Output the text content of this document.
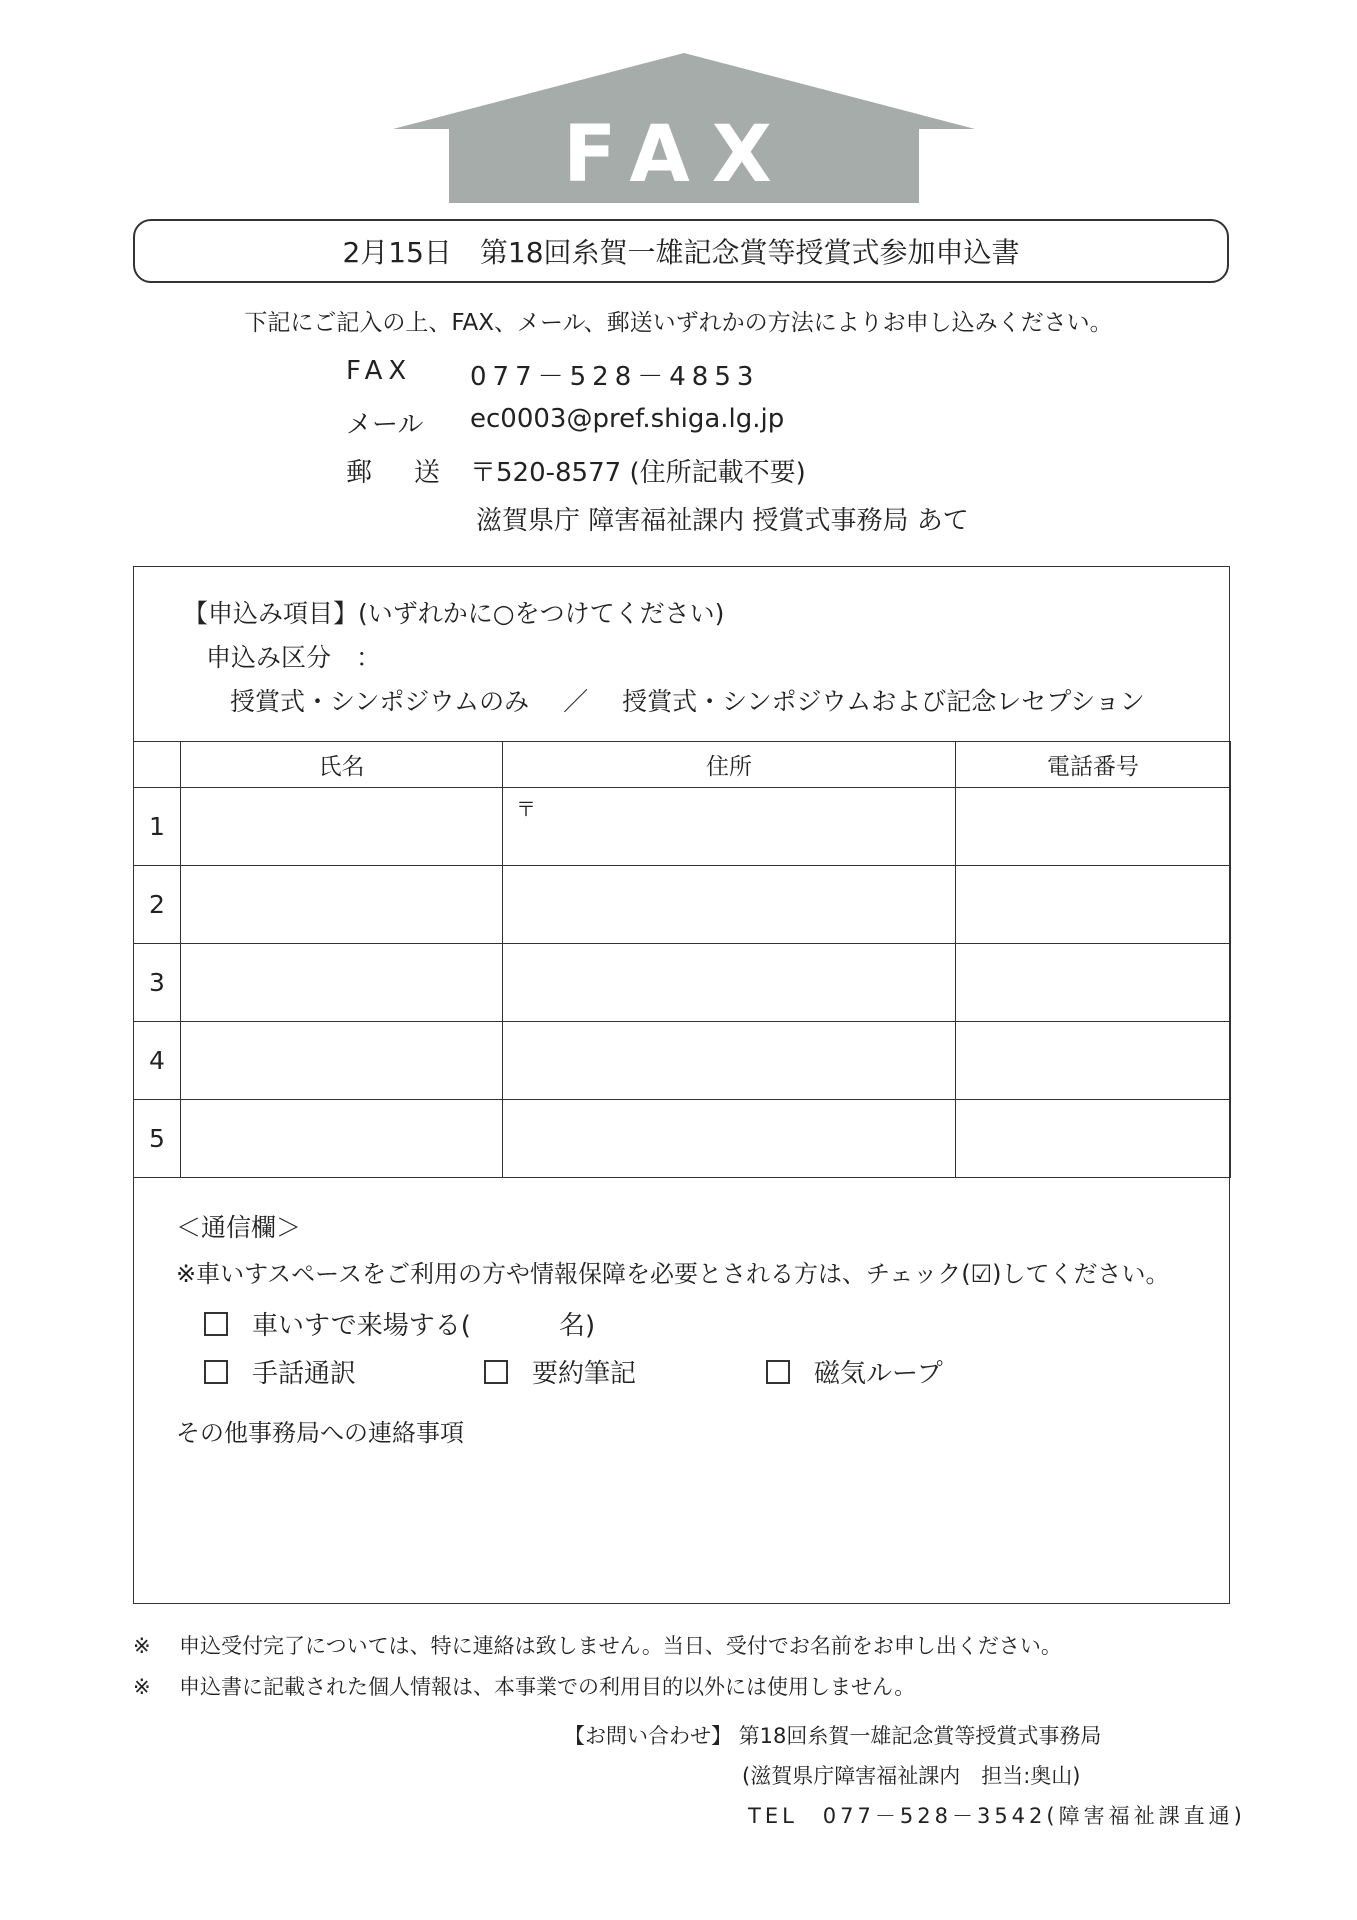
FAX
2月15日　第18回糸賀一雄記念賞等授賞式参加申込書
下記にご記入の上、FAX、メール、郵送いずれかの方法によりお申し込みください。
FAX 077－528－4853
メール ec0003@pref.shiga.lg.jp
郵　送 〒520-8577 (住所記載不要)
滋賀県庁 障害福祉課内 授賞式事務局 あて
【申込み項目】(いずれかに○をつけてください)
申込み区分　：
授賞式・シンポジウムのみ ／ 授賞式・シンポジウムおよび記念レセプション
	氏名	住所	電話番号
1		〒	

2			
3			
4			
5			
＜通信欄＞
※車いすスペースをご利用の方や情報保障を必要とされる方は、チェック(☑)してください。
車いすで来場する(	名)
手話通訳	要約筆記	磁気ループ
その他事務局への連絡事項
※ 申込受付完了については、特に連絡は致しません。当日、受付でお名前をお申し出ください。
※ 申込書に記載された個人情報は、本事業での利用目的以外には使用しません。
【お問い合わせ】 第18回糸賀一雄記念賞等授賞式事務局
(滋賀県庁障害福祉課内　担当:奥山)
TEL　077－528－3542(障害福祉課直通)
